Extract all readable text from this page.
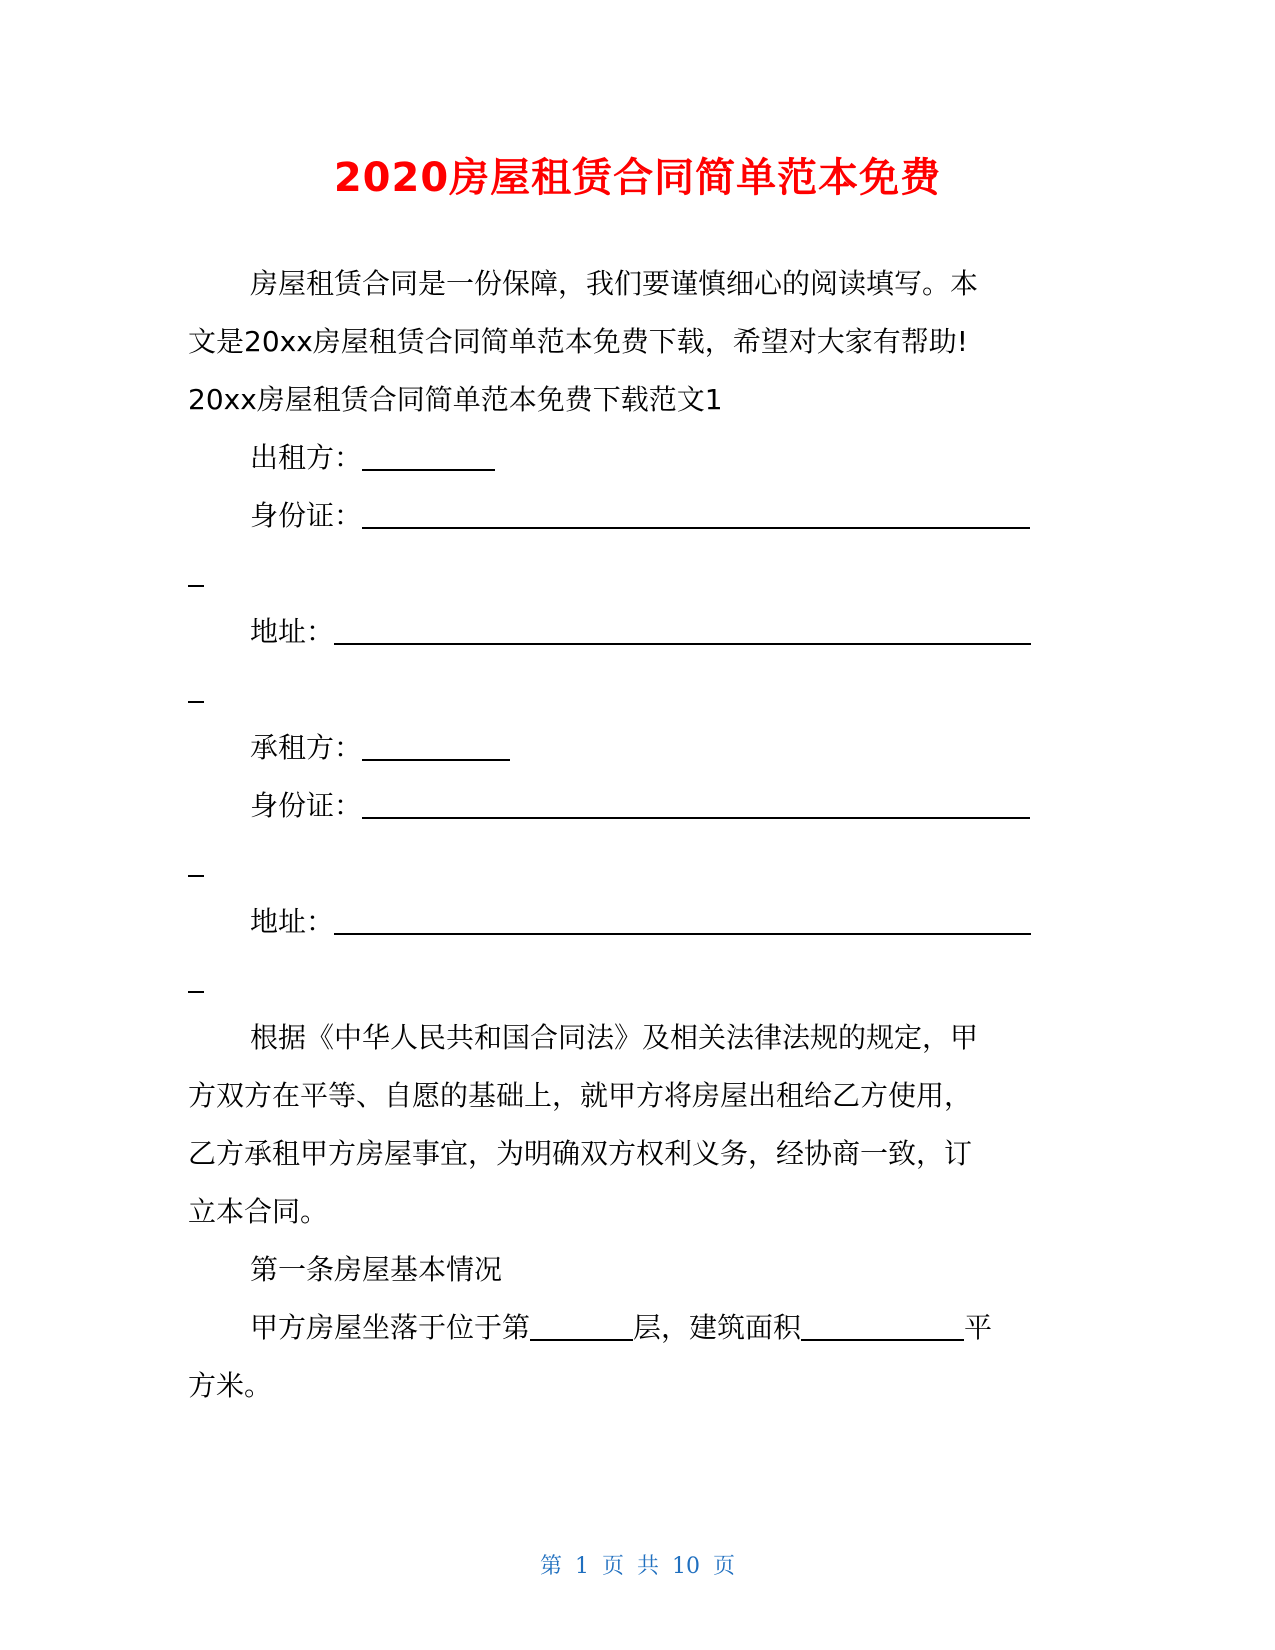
2020房屋租赁合同简单范本免费
房屋租赁合同是一份保障，我们要谨慎细心的阅读填写。本
文是20xx房屋租赁合同简单范本免费下载，希望对大家有帮助!
20xx房屋租赁合同简单范本免费下载范文1
出租方：
身份证：
地址：
承租方：
身份证：
地址：
根据《中华人民共和国合同法》及相关法律法规的规定，甲
方双方在平等、自愿的基础上，就甲方将房屋出租给乙方使用，
乙方承租甲方房屋事宜，为明确双方权利义务，经协商一致，订
立本合同。
第一条房屋基本情况
甲方房屋坐落于位于第	层，建筑面积	平
方米。
第 1 页 共 10 页
